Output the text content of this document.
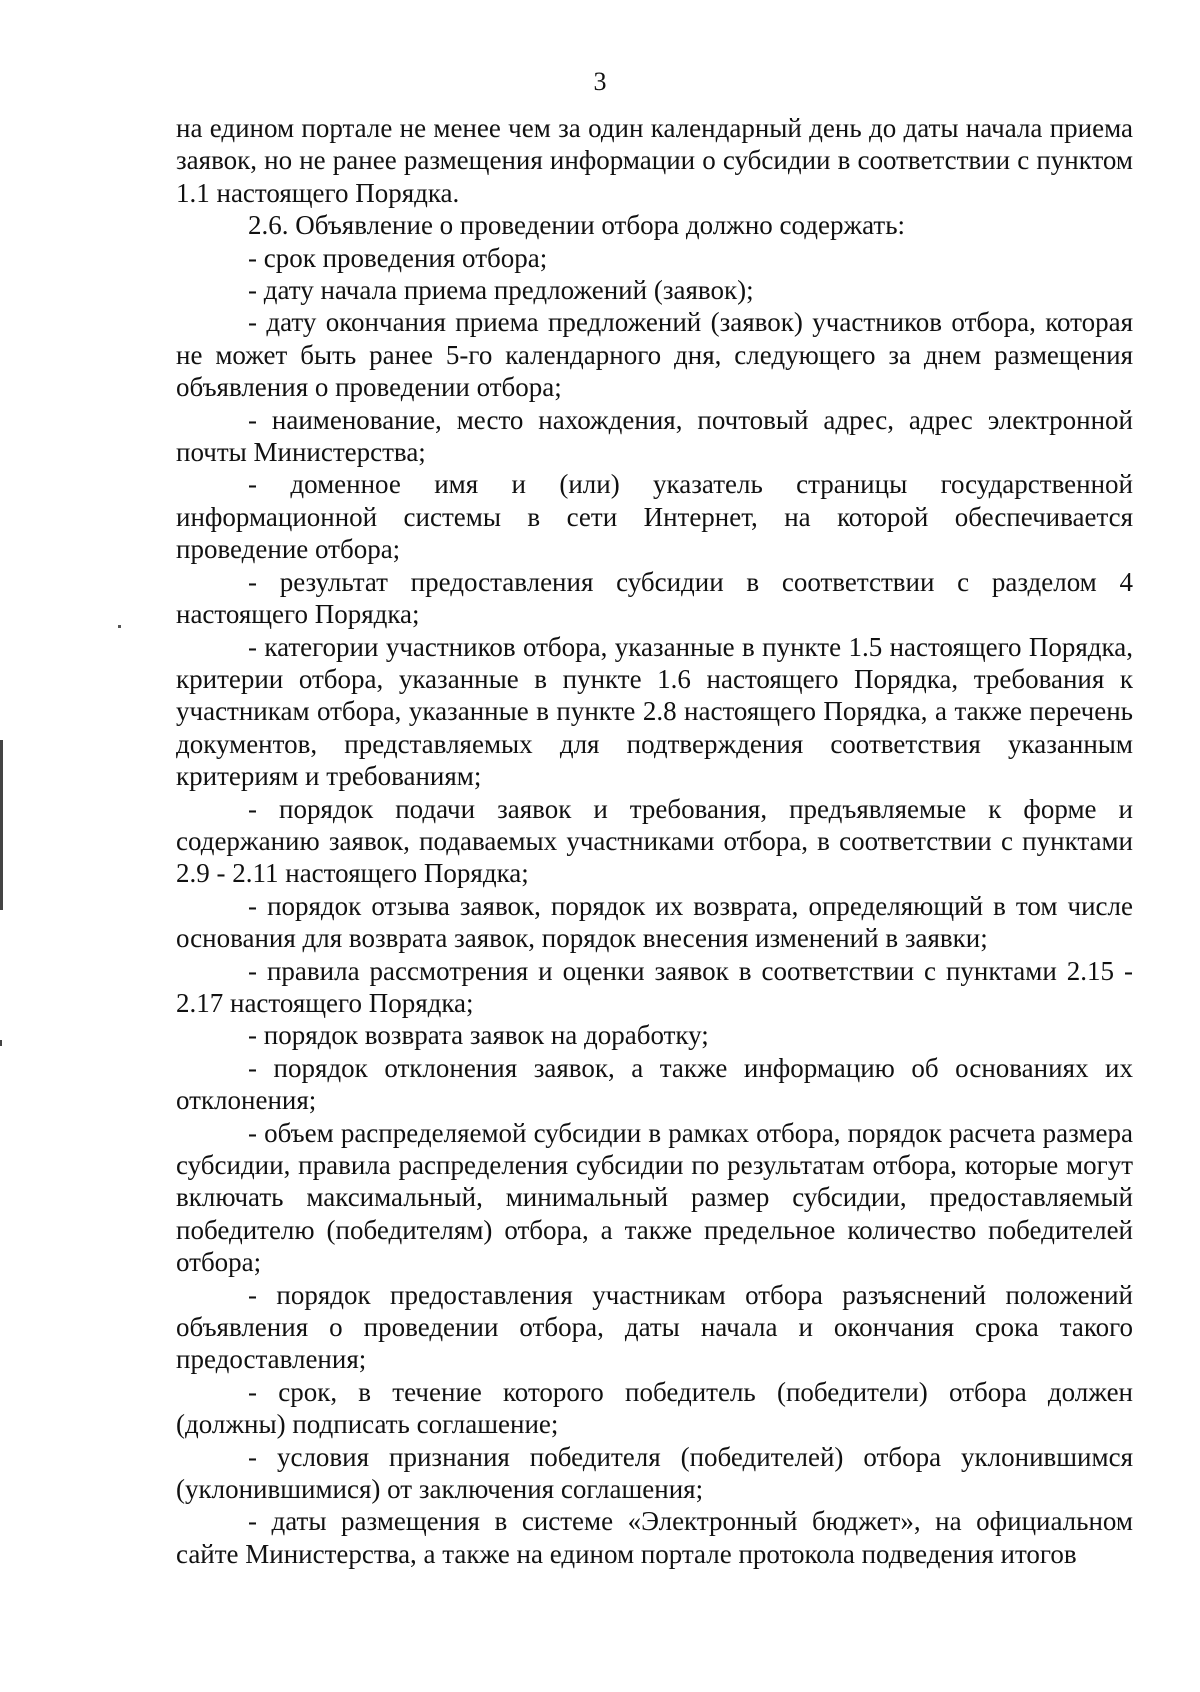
3

на едином портале не менее чем за один календарный день до даты начала приема заявок, но не ранее размещения информации о субсидии в соответствии с пунктом 1.1 настоящего Порядка.

2.6. Объявление о проведении отбора должно содержать:

- срок проведения отбора;

- дату начала приема предложений (заявок);

- дату окончания приема предложений (заявок) участников отбора, которая не может быть ранее 5-го календарного дня, следующего за днем размещения объявления о проведении отбора;

- наименование, место нахождения, почтовый адрес, адрес электронной почты Министерства;

- доменное имя и (или) указатель страницы государственной информационной системы в сети Интернет, на которой обеспечивается проведение отбора;

- результат предоставления субсидии в соответствии с разделом 4 настоящего Порядка;

- категории участников отбора, указанные в пункте 1.5 настоящего Порядка, критерии отбора, указанные в пункте 1.6 настоящего Порядка, требования к участникам отбора, указанные в пункте 2.8 настоящего Порядка, а также перечень документов, представляемых для подтверждения соответствия указанным критериям и требованиям;

- порядок подачи заявок и требования, предъявляемые к форме и содержанию заявок, подаваемых участниками отбора, в соответствии с пунктами 2.9 - 2.11 настоящего Порядка;

- порядок отзыва заявок, порядок их возврата, определяющий в том числе основания для возврата заявок, порядок внесения изменений в заявки;

- правила рассмотрения и оценки заявок в соответствии с пунктами 2.15 - 2.17 настоящего Порядка;

- порядок возврата заявок на доработку;

- порядок отклонения заявок, а также информацию об основаниях их отклонения;

- объем распределяемой субсидии в рамках отбора, порядок расчета размера субсидии, правила распределения субсидии по результатам отбора, которые могут включать максимальный, минимальный размер субсидии, предоставляемый победителю (победителям) отбора, а также предельное количество победителей отбора;

- порядок предоставления участникам отбора разъяснений положений объявления о проведении отбора, даты начала и окончания срока такого предоставления;

- срок, в течение которого победитель (победители) отбора должен (должны) подписать соглашение;

- условия признания победителя (победителей) отбора уклонившимся (уклонившимися) от заключения соглашения;

- даты размещения в системе «Электронный бюджет», на официальном сайте Министерства, а также на едином портале протокола подведения итогов
